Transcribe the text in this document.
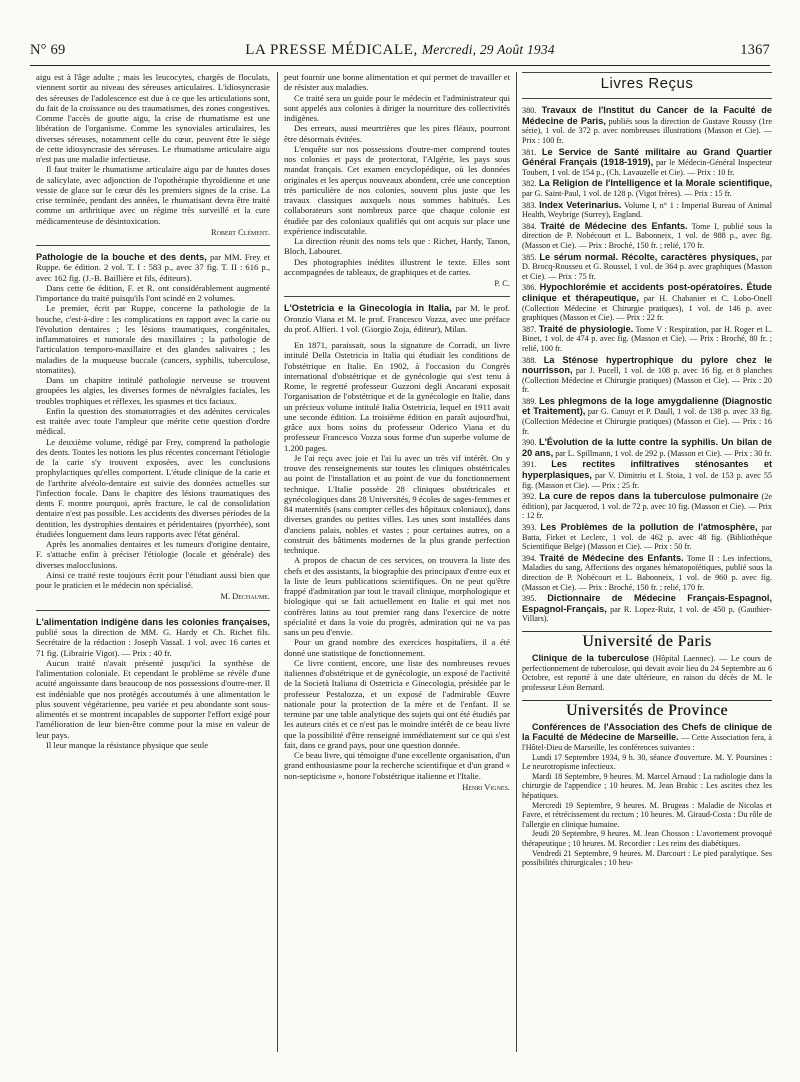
N° 69	LA PRESSE MÉDICALE, Mercredi, 29 Août 1934	1367

aigu est à l'âge adulte ; mais les leucocytes, chargés de floculats, viennent sortir au niveau des séreuses articulaires. L'idiosyncrasie des séreuses de l'adolescence est due à ce que les articulations sont, du fait de la croissance ou des traumatismes, des zones congestives. Comme l'accès de goutte aigu, la crise de rhumatisme est une libération de l'organisme. Comme les synoviales articulaires, les diverses séreuses, notamment celle du cœur, peuvent être le siège de cette idiosyncrasie des séreuses. Le rhumatisme articulaire aigu n'est pas une maladie infectieuse.

Il faut traiter le rhumatisme articulaire aigu par de hautes doses de salicylate, avec adjonction de l'opothérapie thyroïdienne et une vessie de glace sur le cœur dès les premiers signes de la crise. La crise terminée, pendant des années, le rhumatisant devra être traité comme un arthritique avec un régime très surveillé et la cure médicamenteuse de désintoxication.

Robert Clément.

Pathologie de la bouche et des dents, par MM. Frey et Ruppe. 6e édition. 2 vol. T. I : 583 p., avec 37 fig. T. II : 616 p., avec 162 fig. (J.-B. Baillière et fils, éditeurs).

Dans cette 6e édition, F. et R. ont considérablement augmenté l'importance du traité puisqu'ils l'ont scindé en 2 volumes.

Le premier, écrit par Ruppe, concerne la pathologie de la bouche, c'est-à-dire : les complications en rapport avec la carie ou l'évolution dentaires ; les lésions traumatiques, congénitales, inflammatoires et tumorale des maxillaires ; la pathologie de l'articulation temporo-maxillaire et des glandes salivaires ; les maladies de la muqueuse buccale (cancers, syphilis, tuberculose, stomatites).

Dans un chapitre intitulé pathologie nerveuse se trouvent groupées les algies, les diverses formes de névralgies faciales, les troubles trophiques et réflexes, les spasmes et tics faciaux.

Enfin la question des stomatorragies et des adénites cervicales est traitée avec toute l'ampleur que mérite cette question d'ordre médical.

Le deuxième volume, rédigé par Frey, comprend la pathologie des dents. Toutes les notions les plus récentes concernant l'étiologie de la carie s'y trouvent exposées, avec les conclusions prophylactiques qu'elles comportent. L'étude clinique de la carie et de l'arthrite alvéolo-dentaire est suivie des données actuelles sur l'infection focale. Dans le chapitre des lésions traumatiques des dents F. montre pourquoi, après fracture, le cal de consolidation dentaire n'est pas possible. Les accidents des diverses périodes de la dentition, les dystrophies dentaires et péridentaires (pyorrhée), sont étudiées longuement dans leurs rapports avec l'état général.

Après les anomalies dentaires et les tumeurs d'origine dentaire, F. s'attache enfin à préciser l'étiologie (locale et générale) des diverses malocclusions.

Ainsi ce traité reste toujours écrit pour l'étudiant aussi bien que pour le praticien et le médecin non spécialisé.

M. Dechaume.

L'alimentation indigène dans les colonies françaises, publié sous la direction de MM. G. Hardy et Ch. Richet fils. Secrétaire de la rédaction : Joseph Vassal. 1 vol. avec 16 cartes et 71 fig. (Librairie Vigot). — Prix : 40 fr.

Aucun traité n'avait présenté jusqu'ici la synthèse de l'alimentation coloniale. Et cependant le problème se révèle d'une acuité angoissante dans beaucoup de nos possessions d'outre-mer. Il est indéniable que nos protégés accoutumés à une alimentation le plus souvent végétarienne, peu variée et peu abondante sont sous-alimentés et se montrent incapables de supporter l'effort exigé pour l'amélioration de leur bien-être comme pour la mise en valeur de leur pays.

Il leur manque la résistance physique que seule

peut fournir une bonne alimentation et qui permet de travailler et de résister aux maladies.

Ce traité sera un guide pour le médecin et l'administrateur qui sont appelés aux colonies à diriger la nourriture des collectivités indigènes.

Des erreurs, aussi meurtrières que les pires fléaux, pourront être désormais évitées.

L'enquête sur nos possessions d'outre-mer comprend toutes nos colonies et pays de protectorat, l'Algérie, les pays sous mandat français. Cet examen encyclopédique, où les données originales et les aperçus nouveaux abondent, crée une conception très particulière de nos colonies, souvent plus juste que les travaux classiques auxquels nous sommes habitués. Les collaborateurs sont nombreux parce que chaque colonie est étudiée par des coloniaux qualifiés qui ont acquis sur place une expérience indiscutable.

La direction réunit des noms tels que : Richet, Hardy, Tanon, Bloch, Labouret.

Des photographies inédites illustrent le texte. Elles sont accompagnées de tableaux, de graphiques et de cartes.

P. C.

L'Ostetricia e la Ginecologia in Italia, par M. le prof. Oronzio Viana et M. le prof. Francesco Vozza, avec une préface du prof. Alfieri. 1 vol. (Giorgio Zoja, éditeur), Milan.

En 1871, paraissait, sous la signature de Corradi, un livre intitulé Della Ostetricia in Italia qui étudiait les conditions de l'obstétrique en Italie. En 1902, à l'occasion du Congrès international d'obstétrique et de gynécologie qui s'est tenu à Rome, le regretté professeur Guzzoni degli Ancarani exposait l'organisation de l'obstétrique et de la gynécologie en Italie, dans un précieux volume intitulé Italia Ostetricia, lequel en 1911 avait une seconde édition. La troisième édition en paraît aujourd'hui, grâce aux bons soins du professeur Oderico Viana et du professeur Francesco Vozza sous forme d'un superbe volume de 1.200 pages.

Je l'ai reçu avec joie et l'ai lu avec un très vif intérêt. On y trouve des renseignements sur toutes les cliniques obstétricales au point de l'installation et au point de vue du fonctionnement technique. L'Italie possède 28 cliniques obstétricales et gynécologiques dans 28 Universités, 9 écoles de sages-femmes et 84 maternités (sans compter celles des hôpitaux coloniaux), dans diverses grandes ou petites villes. Les unes sont installées dans d'anciens palais, nobles et vastes ; pour certaines autres, on a construit des bâtiments modernes de la plus grande perfection technique.

A propos de chacun de ces services, on trouvera la liste des chefs et des assistants, la biographie des principaux d'entre eux et la liste de leurs publications scientifiques. On ne peut qu'être frappé d'admiration par tout le travail clinique, morphologique et biologique qui se fait actuellement en Italie et qui met nos confrères latins au tout premier rang dans l'exercice de notre spécialité et dans la voie du progrès, admiration qui ne va pas sans un peu d'envie.

Pour un grand nombre des exercices hospitaliers, il a été donné une statistique de fonctionnement.

Ce livre contient, encore, une liste des nombreuses revues italiennes d'obstétrique et de gynécologie, un exposé de l'activité de la Società Italiana di Ostetricia e Ginecologia, présidée par le professeur Pestalozza, et un exposé de l'admirable Œuvre nationale pour la protection de la mère et de l'enfant. Il se termine par une table analytique des sujets qui ont été étudiés par les auteurs cités et ce n'est pas le moindre intérêt de ce beau livre que la possibilité d'être renseigné immédiatement sur ce qui s'est fait, dans ce grand pays, pour une question donnée.

Ce beau livre, qui témoigne d'une excellente organisation, d'un grand enthousiasme pour la recherche scientifique et d'un grand « non-septicisme », honore l'obstétrique italienne et l'Italie.

Henri Vignes.
Livres Reçus

380. Travaux de l'Institut du Cancer de la Faculté de Médecine de Paris, publiés sous la direction de Gustave Roussy (1re série), 1 vol. de 372 p. avec nombreuses illustrations (Masson et Cie). — Prix : 100 fr.

381. Le Service de Santé militaire au Grand Quartier Général Français (1918-1919), par le Médecin-Général Inspecteur Toubert, 1 vol. de 154 p., (Ch. Lavauzelle et Cie). — Prix : 10 fr.

382. La Religion de l'Intelligence et la Morale scientifique, par G. Saint-Paul, 1 vol. de 128 p. (Vigot frères). — Prix : 15 fr.

383. Index Veterinarius. Volume I, n° 1 : Imperial Bureau of Animal Health, Weybrige (Surrey), England.

384. Traité de Médecine des Enfants. Tome I, publié sous la direction de P. Nobécourt et L. Babonneix, 1 vol. de 988 p., avec fig. (Masson et Cie). — Prix : Broché, 150 fr. ; relié, 170 fr.

385. Le sérum normal. Récolte, caractères physiques, par D. Brocq-Rousseu et G. Roussel, 1 vol. de 364 p. avec graphiques (Masson et Cie). — Prix : 75 fr.

386. Hypochlorémie et accidents post-opératoires. Étude clinique et thérapeutique, par H. Chabanier et C. Lobo-Onell (Collection Médecine et Chirurgie pratiques), 1 vol. de 146 p. avec graphiques (Masson et Cie). — Prix : 22 fr.

387. Traité de physiologie. Tome V : Respiration, par H. Roger et L. Binet, 1 vol. de 474 p. avec fig. (Masson et Cie). — Prix : Broché, 80 fr. ; relié, 100 fr.

388. La Sténose hypertrophique du pylore chez le nourrisson, par J. Pucell, 1 vol. de 108 p. avec 16 fig. et 8 planches (Collection Médecine et Chirurgie pratiques) (Masson et Cie). — Prix : 20 fr.

389. Les phlegmons de la loge amygdalienne (Diagnostic et Traitement), par G. Canuyt et P. Daull, 1 vol. de 138 p. avec 33 fig. (Collection Médecine et Chirurgie pratiques) (Masson et Cie). — Prix : 16 fr.

390. L'Évolution de la lutte contre la syphilis. Un bilan de 20 ans, par L. Spillmann, 1 vol. de 292 p. (Masson et Cie). — Prix : 30 fr.

391. Les rectites infiltratives sténosantes et hyperplasiques, par V. Dimitriu et I. Stoia, 1 vol. de 153 p. avec 55 fig. (Masson et Cie). — Prix : 25 fr.

392. La cure de repos dans la tuberculose pulmonaire (2e édition), par Jacquerod, 1 vol. de 72 p. avec 10 fig. (Masson et Cie). — Prix : 12 fr.

393. Les Problèmes de la pollution de l'atmosphère, par Batta, Firket et Leclerc, 1 vol. de 462 p. avec 48 fig. (Bibliothèque Scientifique Belge) (Masson et Cie). — Prix : 50 fr.

394. Traité de Médecine des Enfants. Tome II : Les infections, Maladies du sang, Affections des organes hématopoïétiques, publié sous la direction de P. Nobécourt et L. Babonneix, 1 vol. de 960 p. avec fig. (Masson et Cie). — Prix : Broché, 150 fr. ; relié, 170 fr.

395. Dictionnaire de Médecine Français-Espagnol, Espagnol-Français, par R. Lopez-Ruiz, 1 vol. de 450 p. (Gauthier-Villars).

Université de Paris

Clinique de la tuberculose (Hôpital Laennec). — Le cours de perfectionnement de tuberculose, qui devait avoir lieu du 24 Septembre au 6 Octobre, est reporté à une date ultérieure, en raison du décès de M. le professeur Léon Bernard.

Universités de Province

Conférences de l'Association des Chefs de clinique de la Faculté de Médecine de Marseille. — Cette Association fera, à l'Hôtel-Dieu de Marseille, les conférences suivantes :

Lundi 17 Septembre 1934, 9 h. 30, séance d'ouverture. M. Y. Poursines : Le neurotropisme infectieux.

Mardi 18 Septembre, 9 heures. M. Marcel Arnaud : La radiologie dans la chirurgie de l'appendice ; 10 heures. M. Jean Brahic : Les ascites chez les hépatiques.

Mercredi 19 Septembre, 9 heures. M. Brugeas : Maladie de Nicolas et Favre, et rétrécissement du rectum ; 10 heures. M. Giraud-Costa : Du rôle de l'allergie en clinique humaine.

Jeudi 20 Septembre, 9 heures. M. Jean Chosson : L'avortement provoqué thérapeutique ; 10 heures. M. Recordier : Les reins des diabétiques.

Vendredi 21 Septembre, 9 heures. M. Darcourt : Le pied paralytique. Ses possibilités chirurgicales ; 10 heu-
